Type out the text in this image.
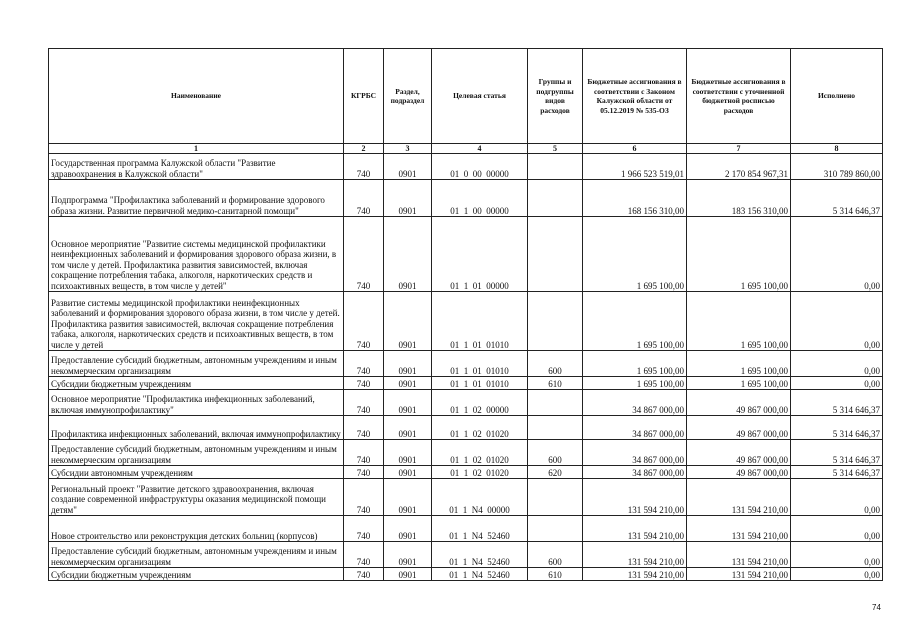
Наименование	КГРБС	Раздел, подраздел	Целевая статья	Группы и подгруппы видов расходов	Бюджетные ассигнования в соответствии с Законом Калужской области от 05.12.2019 № 535-ОЗ	Бюджетные ассигнования в соответствии с уточненной бюджетной росписью расходов	Исполнено
1	2	3	4	5	6	7	8
Государственная программа Калужской области "Развитие здравоохранения в Калужской области"	740	0901	01  0  00  00000		1 966 523 519,01	2 170 854 967,31	310 789 860,00
Подпрограмма "Профилактика заболеваний и формирование здорового образа жизни. Развитие первичной медико-санитарной помощи"	740	0901	01  1  00  00000		168 156 310,00	183 156 310,00	5 314 646,37
Основное мероприятие "Развитие системы медицинской профилактики неинфекционных заболеваний и формирования здорового образа жизни, в том числе у детей. Профилактика развития зависимостей, включая сокращение потребления табака, алкоголя, наркотических средств и психоактивных веществ, в том числе у детей"	740	0901	01  1  01  00000		1 695 100,00	1 695 100,00	0,00
Развитие системы медицинской профилактики неинфекционных заболеваний и формирования здорового образа жизни, в том числе у детей. Профилактика развития зависимостей, включая сокращение потребления табака, алкоголя, наркотических средств и психоактивных веществ, в том числе у детей	740	0901	01  1  01  01010		1 695 100,00	1 695 100,00	0,00
Предоставление субсидий бюджетным, автономным учреждениям и иным некоммерческим организациям	740	0901	01  1  01  01010	600	1 695 100,00	1 695 100,00	0,00
Субсидии бюджетным учреждениям	740	0901	01  1  01  01010	610	1 695 100,00	1 695 100,00	0,00
Основное мероприятие "Профилактика инфекционных заболеваний, включая иммунопрофилактику"	740	0901	01  1  02  00000		34 867 000,00	49 867 000,00	5 314 646,37
Профилактика инфекционных заболеваний, включая иммунопрофилактику	740	0901	01  1  02  01020		34 867 000,00	49 867 000,00	5 314 646,37
Предоставление субсидий бюджетным, автономным учреждениям и иным некоммерческим организациям	740	0901	01  1  02  01020	600	34 867 000,00	49 867 000,00	5 314 646,37
Субсидии автономным учреждениям	740	0901	01  1  02  01020	620	34 867 000,00	49 867 000,00	5 314 646,37
Региональный проект "Развитие детского здравоохранения, включая создание современной инфраструктуры оказания медицинской помощи детям"	740	0901	01  1  N4  00000		131 594 210,00	131 594 210,00	0,00
Новое строительство или реконструкция детских больниц (корпусов)	740	0901	01  1  N4  52460		131 594 210,00	131 594 210,00	0,00
Предоставление субсидий бюджетным, автономным учреждениям и иным некоммерческим организациям	740	0901	01  1  N4  52460	600	131 594 210,00	131 594 210,00	0,00
Субсидии бюджетным учреждениям	740	0901	01  1  N4  52460	610	131 594 210,00	131 594 210,00	0,00
74
